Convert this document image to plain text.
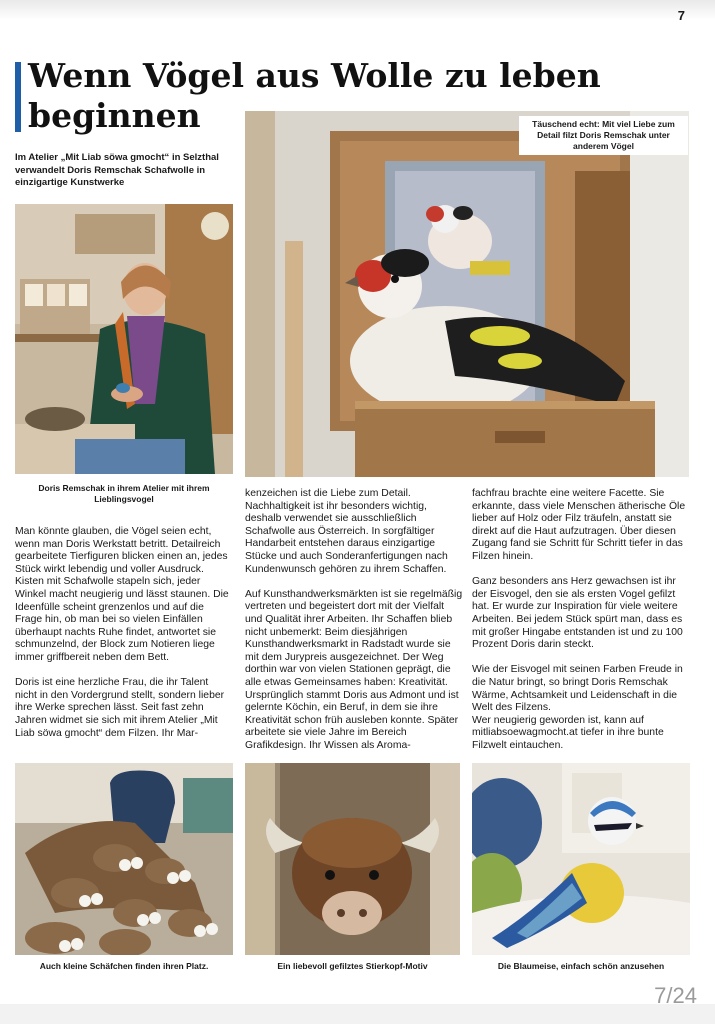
7
Wenn Vögel aus Wolle zu leben
beginnen
Im Atelier „Mit Liab söwa gmocht“ in Selzthal verwandelt Doris Remschak Schafwolle in einzigartige Kunstwerke
Doris Remschak in ihrem Atelier mit ihrem Lieblingsvogel
Täuschend echt: Mit viel Liebe zum Detail filzt Doris Remschak unter anderem Vögel

Man könnte glauben, die Vögel seien echt, wenn man Doris Werkstatt betritt. Detailreich gearbeitete Tierfiguren blicken einen an, jedes Stück wirkt lebendig und voller Ausdruck. Kisten mit Schafwolle stapeln sich, jeder Winkel macht neugierig und lässt staunen. Die Ideenfülle scheint grenzenlos und auf die Frage hin, ob man bei so vielen Einfällen überhaupt nachts Ruhe findet, antwortet sie schmunzelnd, der Block zum Notieren liege immer griffbereit neben dem Bett.

Doris ist eine herzliche Frau, die ihr Talent nicht in den Vordergrund stellt, sondern lieber ihre Werke sprechen lässt. Seit fast zehn Jahren widmet sie sich mit ihrem Atelier „Mit Liab söwa gmocht“ dem Filzen. Ihr Mar-

kenzeichen ist die Liebe zum Detail. Nachhaltigkeit ist ihr besonders wichtig, deshalb verwendet sie ausschließlich Schafwolle aus Österreich. In sorgfältiger Handarbeit entstehen daraus einzigartige Stücke und auch Sonderanfertigungen nach Kundenwunsch gehören zu ihrem Schaffen.

Auf Kunsthandwerksmärkten ist sie regelmäßig vertreten und begeistert dort mit der Vielfalt und Qualität ihrer Arbeiten. Ihr Schaffen blieb nicht unbemerkt: Beim diesjährigen Kunsthandwerksmarkt in Radstadt wurde sie mit dem Jurypreis ausgezeichnet. Der Weg dorthin war von vielen Stationen geprägt, die alle etwas Gemeinsames haben: Kreativität. Ursprünglich stammt Doris aus Admont und ist gelernte Köchin, ein Beruf, in dem sie ihre Kreativität schon früh ausleben konnte. Später arbeitete sie viele Jahre im Bereich Grafikdesign. Ihr Wissen als Aroma-

fachfrau brachte eine weitere Facette. Sie erkannte, dass viele Menschen ätherische Öle lieber auf Holz oder Filz träufeln, anstatt sie direkt auf die Haut aufzutragen. Über diesen Zugang fand sie Schritt für Schritt tiefer in das Filzen hinein.

Ganz besonders ans Herz gewachsen ist ihr der Eisvogel, den sie als ersten Vogel gefilzt hat. Er wurde zur Inspiration für viele weitere Arbeiten. Bei jedem Stück spürt man, dass es mit großer Hingabe entstanden ist und zu 100 Prozent Doris darin steckt.

Wie der Eisvogel mit seinen Farben Freude in die Natur bringt, so bringt Doris Remschak Wärme, Achtsamkeit und Leidenschaft in die Welt des Filzens.

Wer neugierig geworden ist, kann auf mitliabsoewagmocht.at tiefer in ihre bunte Filzwelt eintauchen.

Auch kleine Schäfchen finden ihren Platz.	Ein liebevoll gefilztes Stierkopf-Motiv	Die Blaumeise, einfach schön anzusehen
7/24
